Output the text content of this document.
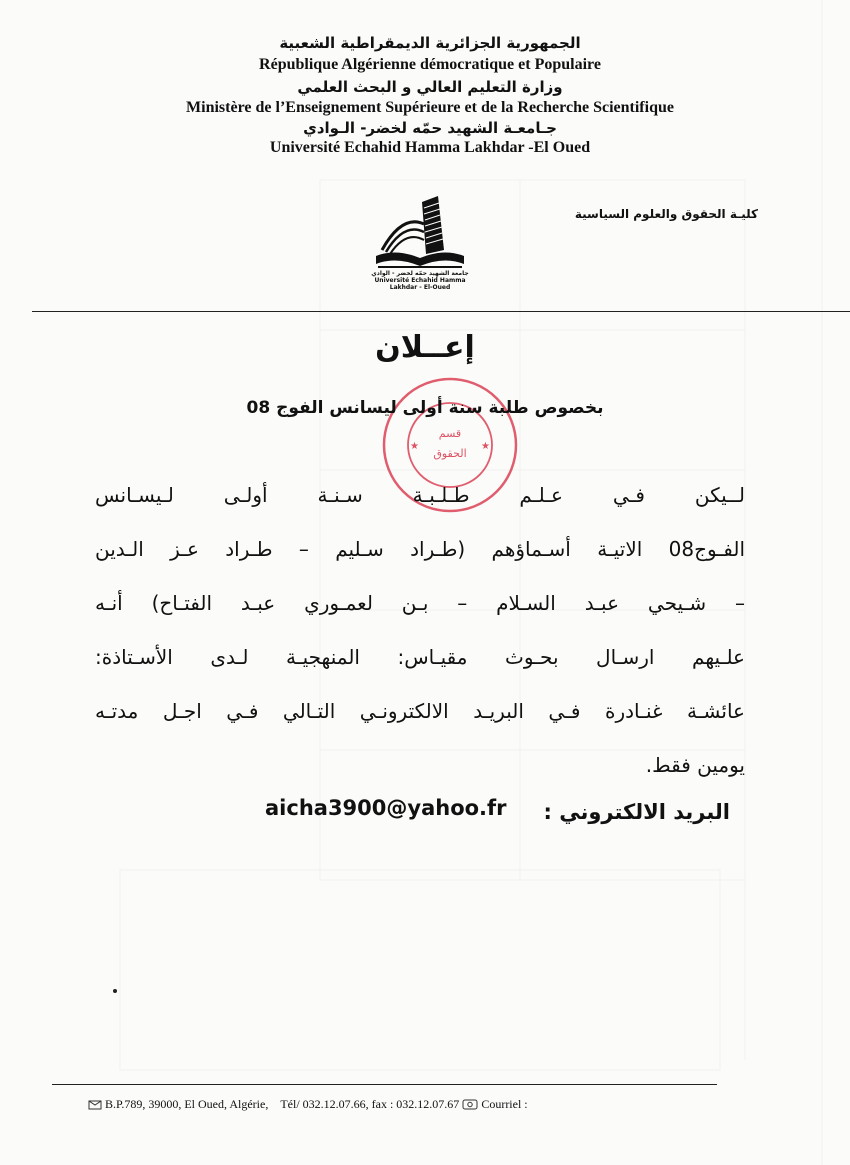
الجمهورية الجزائرية الديمقراطية الشعبية
République Algérienne démocratique et Populaire
وزارة التعليم العالي و البحث العلمي
Ministère de l’Enseignement Supérieure et de la Recherche Scientifique
جـامعـة الشهيد حمّه لخضر- الـوادي
Université Echahid Hamma Lakhdar -El Oued
كليـة الحقوق والعلوم السياسية
جامعة الشهيد حمّه لخضر - الوادي
Université Echahid Hamma Lakhdar - El-Oued
إعــلان
★	★
قسم
الحقوق
بخصوص طلبة سنة أولى ليسانس الفوج 08
لــيكن فـي عـلـم طـلـبـة سـنـة أولـى لـيسـانس
الفـوج08 الاتيـة أسـماؤهم (طـراد سـليم – طـراد عـز الـدين
– شـيحي عبـد السـلام – بـن لعمـوري عبـد الفتـاح) أنـه
علـيهم ارسـال بحـوث مقيـاس: المنهجيـة لـدى الأسـتاذة:
عائشـة غنـادرة فـي البريـد الالكترونـي التـالي فـي اجـل مدتـه
يومين فقط.
البريد الالكتروني :
aicha3900@yahoo.fr
B.P.789, 39000, El Oued, Algérie, Tél/ 032.12.07.66, fax : 032.12.07.67 Courriel :
